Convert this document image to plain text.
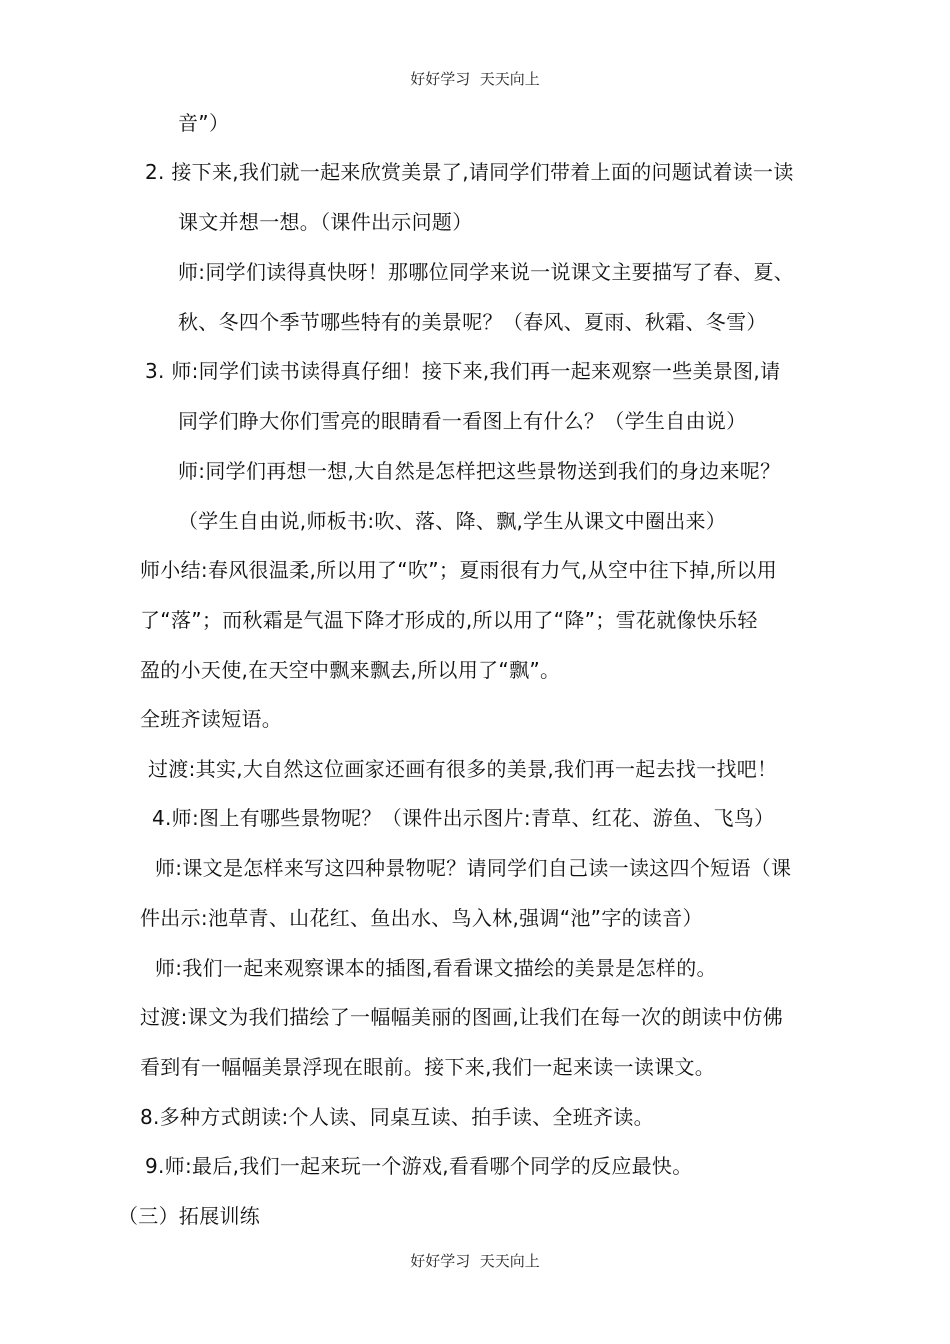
好好学习  天天向上
音”）
2. 接下来,我们就一起来欣赏美景了,请同学们带着上面的问题试着读一读
课文并想一想。（课件出示问题）
师:同学们读得真快呀！那哪位同学来说一说课文主要描写了春、夏、
秋、冬四个季节哪些特有的美景呢？（春风、夏雨、秋霜、冬雪）
3. 师:同学们读书读得真仔细！接下来,我们再一起来观察一些美景图,请
同学们睁大你们雪亮的眼睛看一看图上有什么？（学生自由说）
师:同学们再想一想,大自然是怎样把这些景物送到我们的身边来呢？
（学生自由说,师板书:吹、落、降、飘,学生从课文中圈出来）
师小结:春风很温柔,所以用了“吹”；夏雨很有力气,从空中往下掉,所以用
了“落”；而秋霜是气温下降才形成的,所以用了“降”；雪花就像快乐轻
盈的小天使,在天空中飘来飘去,所以用了“飘”。
全班齐读短语。
过渡:其实,大自然这位画家还画有很多的美景,我们再一起去找一找吧！
4.师:图上有哪些景物呢？（课件出示图片:青草、红花、游鱼、飞鸟）
师:课文是怎样来写这四种景物呢？请同学们自己读一读这四个短语（课
件出示:池草青、山花红、鱼出水、鸟入林,强调“池”字的读音）
师:我们一起来观察课本的插图,看看课文描绘的美景是怎样的。
过渡:课文为我们描绘了一幅幅美丽的图画,让我们在每一次的朗读中仿佛
看到有一幅幅美景浮现在眼前。接下来,我们一起来读一读课文。
8.多种方式朗读:个人读、同桌互读、拍手读、全班齐读。
9.师:最后,我们一起来玩一个游戏,看看哪个同学的反应最快。
（三）拓展训练
好好学习  天天向上
